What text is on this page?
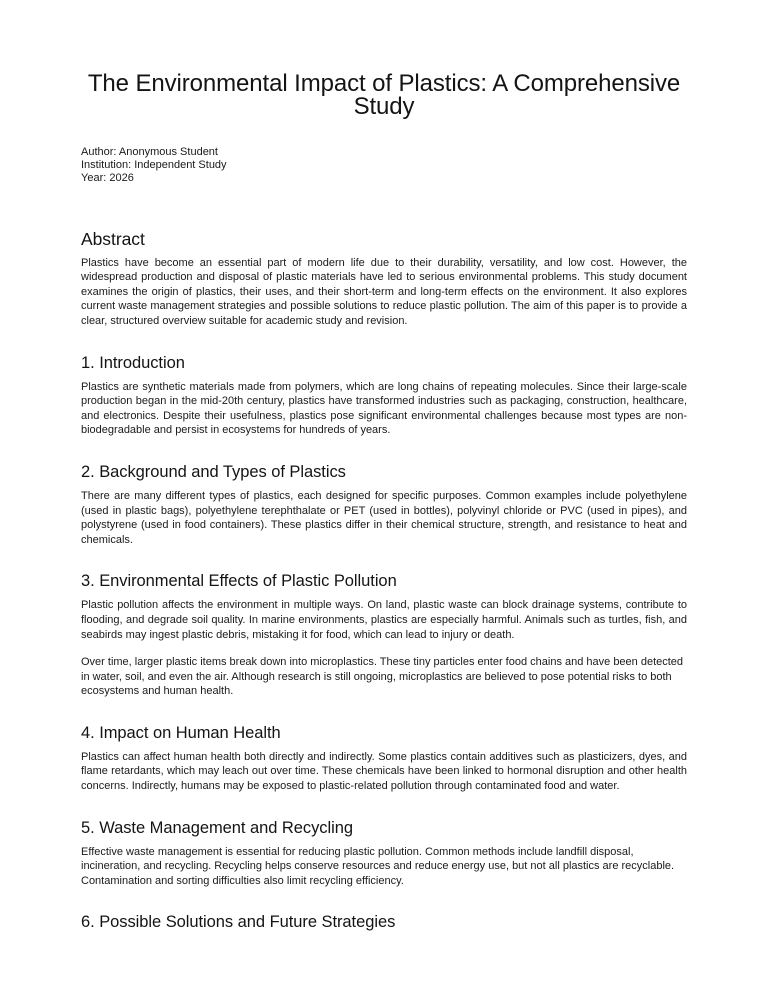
The Environmental Impact of Plastics: A Comprehensive Study
Author: Anonymous Student
Institution: Independent Study
Year: 2026
Abstract

Plastics have become an essential part of modern life due to their durability, versatility, and low cost. However, the widespread production and disposal of plastic materials have led to serious environmental problems. This study document examines the origin of plastics, their uses, and their short-term and long-term effects on the environment. It also explores current waste management strategies and possible solutions to reduce plastic pollution. The aim of this paper is to provide a clear, structured overview suitable for academic study and revision.

1. Introduction

Plastics are synthetic materials made from polymers, which are long chains of repeating molecules. Since their large-scale production began in the mid-20th century, plastics have transformed industries such as packaging, construction, healthcare, and electronics. Despite their usefulness, plastics pose significant environmental challenges because most types are non-biodegradable and persist in ecosystems for hundreds of years.

2. Background and Types of Plastics

There are many different types of plastics, each designed for specific purposes. Common examples include polyethylene (used in plastic bags), polyethylene terephthalate or PET (used in bottles), polyvinyl chloride or PVC (used in pipes), and polystyrene (used in food containers). These plastics differ in their chemical structure, strength, and resistance to heat and chemicals.

3. Environmental Effects of Plastic Pollution

Plastic pollution affects the environment in multiple ways. On land, plastic waste can block drainage systems, contribute to flooding, and degrade soil quality. In marine environments, plastics are especially harmful. Animals such as turtles, fish, and seabirds may ingest plastic debris, mistaking it for food, which can lead to injury or death.

Over time, larger plastic items break down into microplastics. These tiny particles enter food chains and have been detected in water, soil, and even the air. Although research is still ongoing, microplastics are believed to pose potential risks to both ecosystems and human health.

4. Impact on Human Health

Plastics can affect human health both directly and indirectly. Some plastics contain additives such as plasticizers, dyes, and flame retardants, which may leach out over time. These chemicals have been linked to hormonal disruption and other health concerns. Indirectly, humans may be exposed to plastic-related pollution through contaminated food and water.

5. Waste Management and Recycling

Effective waste management is essential for reducing plastic pollution. Common methods include landfill disposal, incineration, and recycling. Recycling helps conserve resources and reduce energy use, but not all plastics are recyclable. Contamination and sorting difficulties also limit recycling efficiency.

6. Possible Solutions and Future Strategies
